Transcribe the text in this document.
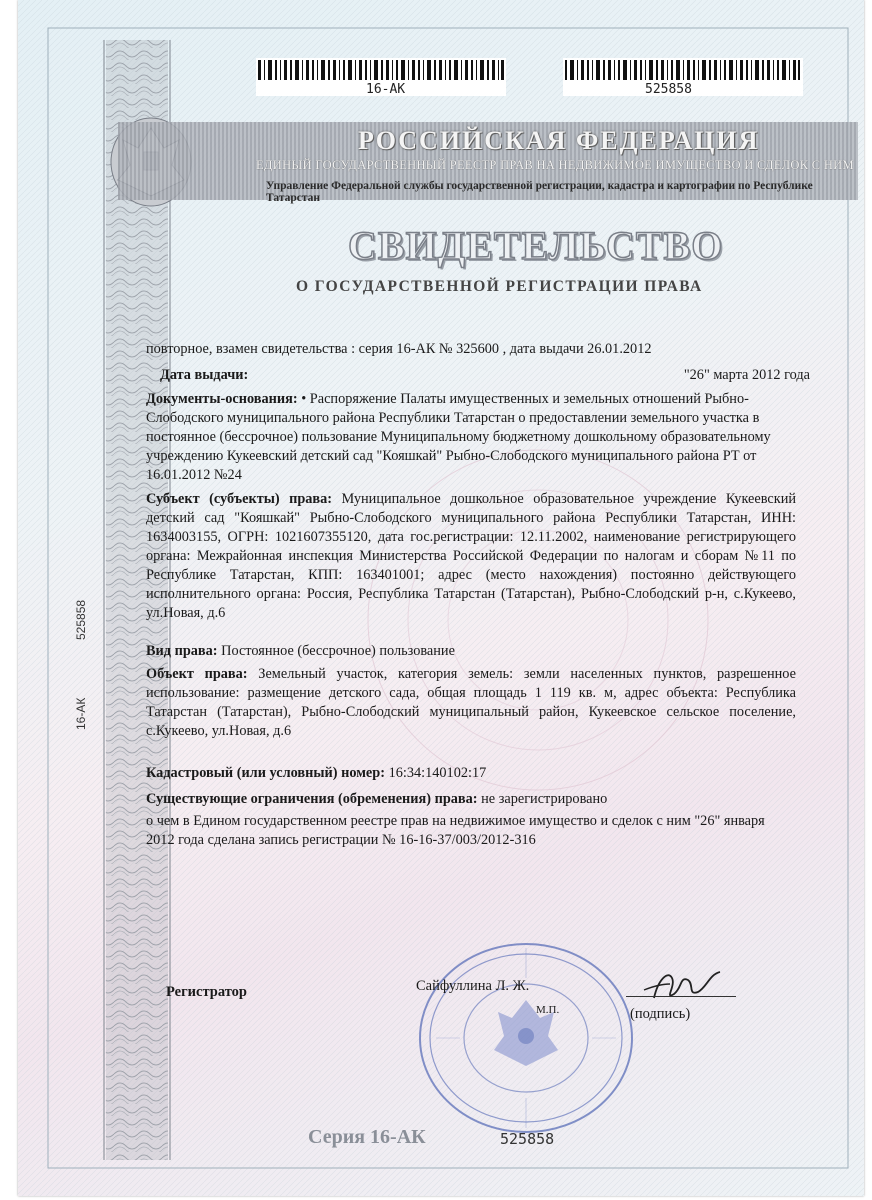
16-AK	525858
РОССИЙСКАЯ ФЕДЕРАЦИЯ
ЕДИНЫЙ ГОСУДАРСТВЕННЫЙ РЕЕСТР ПРАВ НА НЕДВИЖИМОЕ ИМУЩЕСТВО И СДЕЛОК С НИМ
Управление Федеральной службы государственной регистрации, кадастра и картографии по Республике Татарстан
СВИДЕТЕЛЬСТВО
О ГОСУДАРСТВЕННОЙ РЕГИСТРАЦИИ ПРАВА
повторное, взамен свидетельства : серия 16-АК № 325600 , дата выдачи 26.01.2012
Дата выдачи:	"26" марта 2012 года
Документы-основания: • Распоряжение Палаты имущественных и земельных отношений Рыбно-Слободского муниципального района Республики Татарстан о предоставлении земельного участка в постоянное (бессрочное) пользование Муниципальному бюджетному дошкольному образовательному учреждению Кукеевский детский сад "Кояшкай" Рыбно-Слободского муниципального района РТ от 16.01.2012 №24
Субъект (субъекты) права: Муниципальное дошкольное образовательное учреждение Кукеевский детский сад "Кояшкай" Рыбно-Слободского муниципального района Республики Татарстан, ИНН: 1634003155, ОГРН: 1021607355120, дата гос.регистрации: 12.11.2002, наименование регистрирующего органа: Межрайонная инспекция Министерства Российской Федерации по налогам и сборам №11 по Республике Татарстан, КПП: 163401001; адрес (место нахождения) постоянно действующего исполнительного органа: Россия, Республика Татарстан (Татарстан), Рыбно-Слободский р-н, с.Кукеево, ул.Новая, д.6
Вид права: Постоянное (бессрочное) пользование
Объект права: Земельный участок, категория земель: земли населенных пунктов, разрешенное использование: размещение детского сада, общая площадь 1 119 кв. м, адрес объекта: Республика Татарстан (Татарстан), Рыбно-Слободский муниципальный район, Кукеевское сельское поселение, с.Кукеево, ул.Новая, д.6
Кадастровый (или условный) номер: 16:34:140102:17
Существующие ограничения (обременения) права: не зарегистрировано
о чем в Едином государственном реестре прав на недвижимое имущество и сделок с ним "26" января 2012 года сделана запись регистрации № 16-16-37/003/2012-316
525858
16-АК
Регистратор	Сайфуллина Л. Ж.
М.П.	(подпись)
Серия 16-АК	525858
